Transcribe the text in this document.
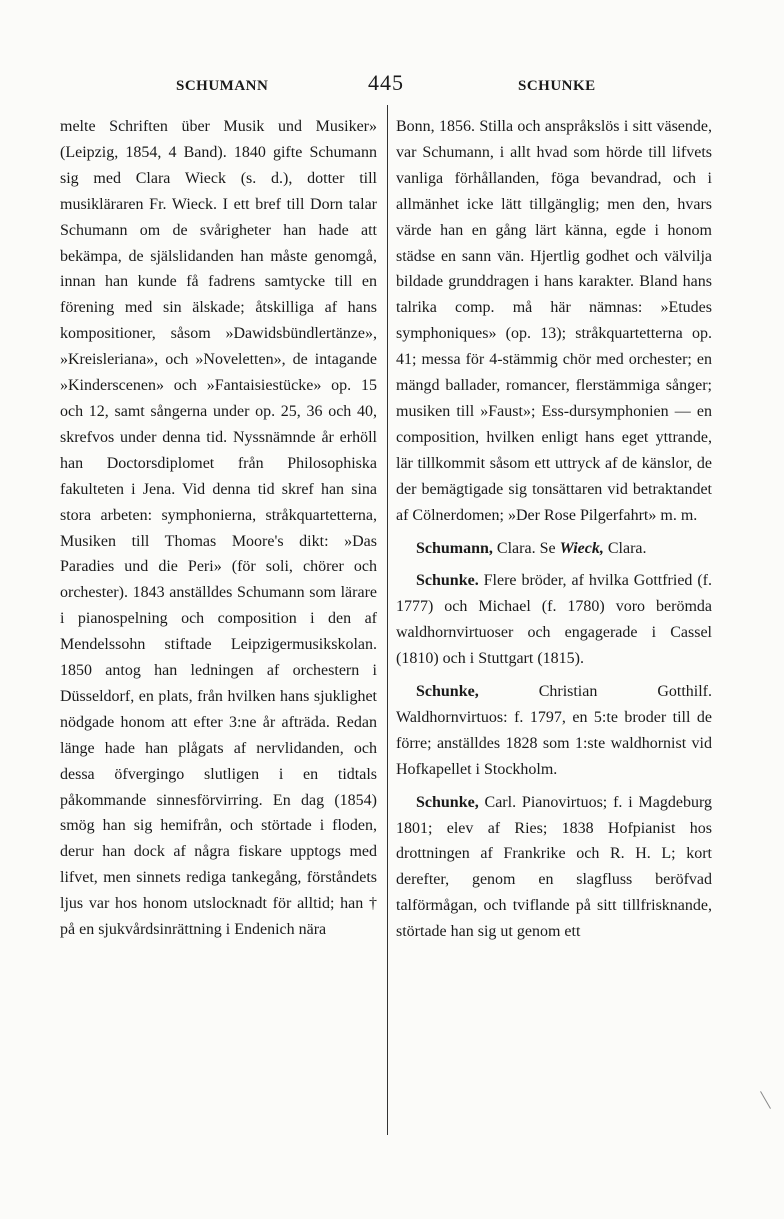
SCHUMANN	445	SCHUNKE

melte Schriften über Musik und Musiker» (Leipzig, 1854, 4 Band). 1840 gifte Schumann sig med Clara Wieck (s. d.), dotter till musikläraren Fr. Wieck. I ett bref till Dorn talar Schumann om de svårigheter han hade att bekämpa, de själslidanden han måste genomgå, innan han kunde få fadrens samtycke till en förening med sin älskade; åtskilliga af hans kompositioner, såsom »Dawidsbündlertänze», »Kreisleriana», och »Noveletten», de intagande »Kinderscenen» och »Fantaisiestücke» op. 15 och 12, samt sångerna under op. 25, 36 och 40, skrefvos under denna tid. Nyssnämnde år erhöll han Doctorsdiplomet från Philosophiska fakulteten i Jena. Vid denna tid skref han sina stora arbeten: symphonierna, stråkquartetterna, Musiken till Thomas Moore's dikt: »Das Paradies und die Peri» (för soli, chörer och orchester). 1843 anställdes Schumann som lärare i pianospelning och composition i den af Mendelssohn stiftade Leipzigermusikskolan. 1850 antog han ledningen af orchestern i Düsseldorf, en plats, från hvilken hans sjuklighet nödgade honom att efter 3:ne år afträda. Redan länge hade han plågats af nervlidanden, och dessa öfvergingo slutligen i en tidtals påkommande sinnesförvirring. En dag (1854) smög han sig hemifrån, och störtade i floden, derur han dock af några fiskare upptogs med lifvet, men sinnets rediga tankegång, förståndets ljus var hos honom utslocknadt för alltid; han † på en sjukvårdsinrättning i Endenich nära

Bonn, 1856. Stilla och anspråkslös i sitt väsende, var Schumann, i allt hvad som hörde till lifvets vanliga förhållanden, föga bevandrad, och i allmänhet icke lätt tillgänglig; men den, hvars värde han en gång lärt känna, egde i honom städse en sann vän. Hjertlig godhet och välvilja bildade grunddragen i hans karakter. Bland hans talrika comp. må här nämnas: »Etudes symphoniques» (op. 13); stråkquartetterna op. 41; messa för 4-stämmig chör med orchester; en mängd ballader, romancer, flerstämmiga sånger; musiken till »Faust»; Ess-dursymphonien — en composition, hvilken enligt hans eget yttrande, lär tillkommit såsom ett uttryck af de känslor, de der bemägtigade sig tonsättaren vid betraktandet af Cölnerdomen; »Der Rose Pilgerfahrt» m. m.

Schumann, Clara. Se Wieck, Clara.

Schunke. Flere bröder, af hvilka Gottfried (f. 1777) och Michael (f. 1780) voro berömda waldhornvirtuoser och engagerade i Cassel (1810) och i Stuttgart (1815).

Schunke, Christian Gotthilf. Waldhornvirtuos: f. 1797, en 5:te broder till de förre; anställdes 1828 som 1:ste waldhornist vid Hofkapellet i Stockholm.

Schunke, Carl. Pianovirtuos; f. i Magdeburg 1801; elev af Ries; 1838 Hofpianist hos drottningen af Frankrike och R. H. L; kort derefter, genom en slagfluss beröfvad talförmågan, och tviflande på sitt tillfrisknande, störtade han sig ut genom ett
